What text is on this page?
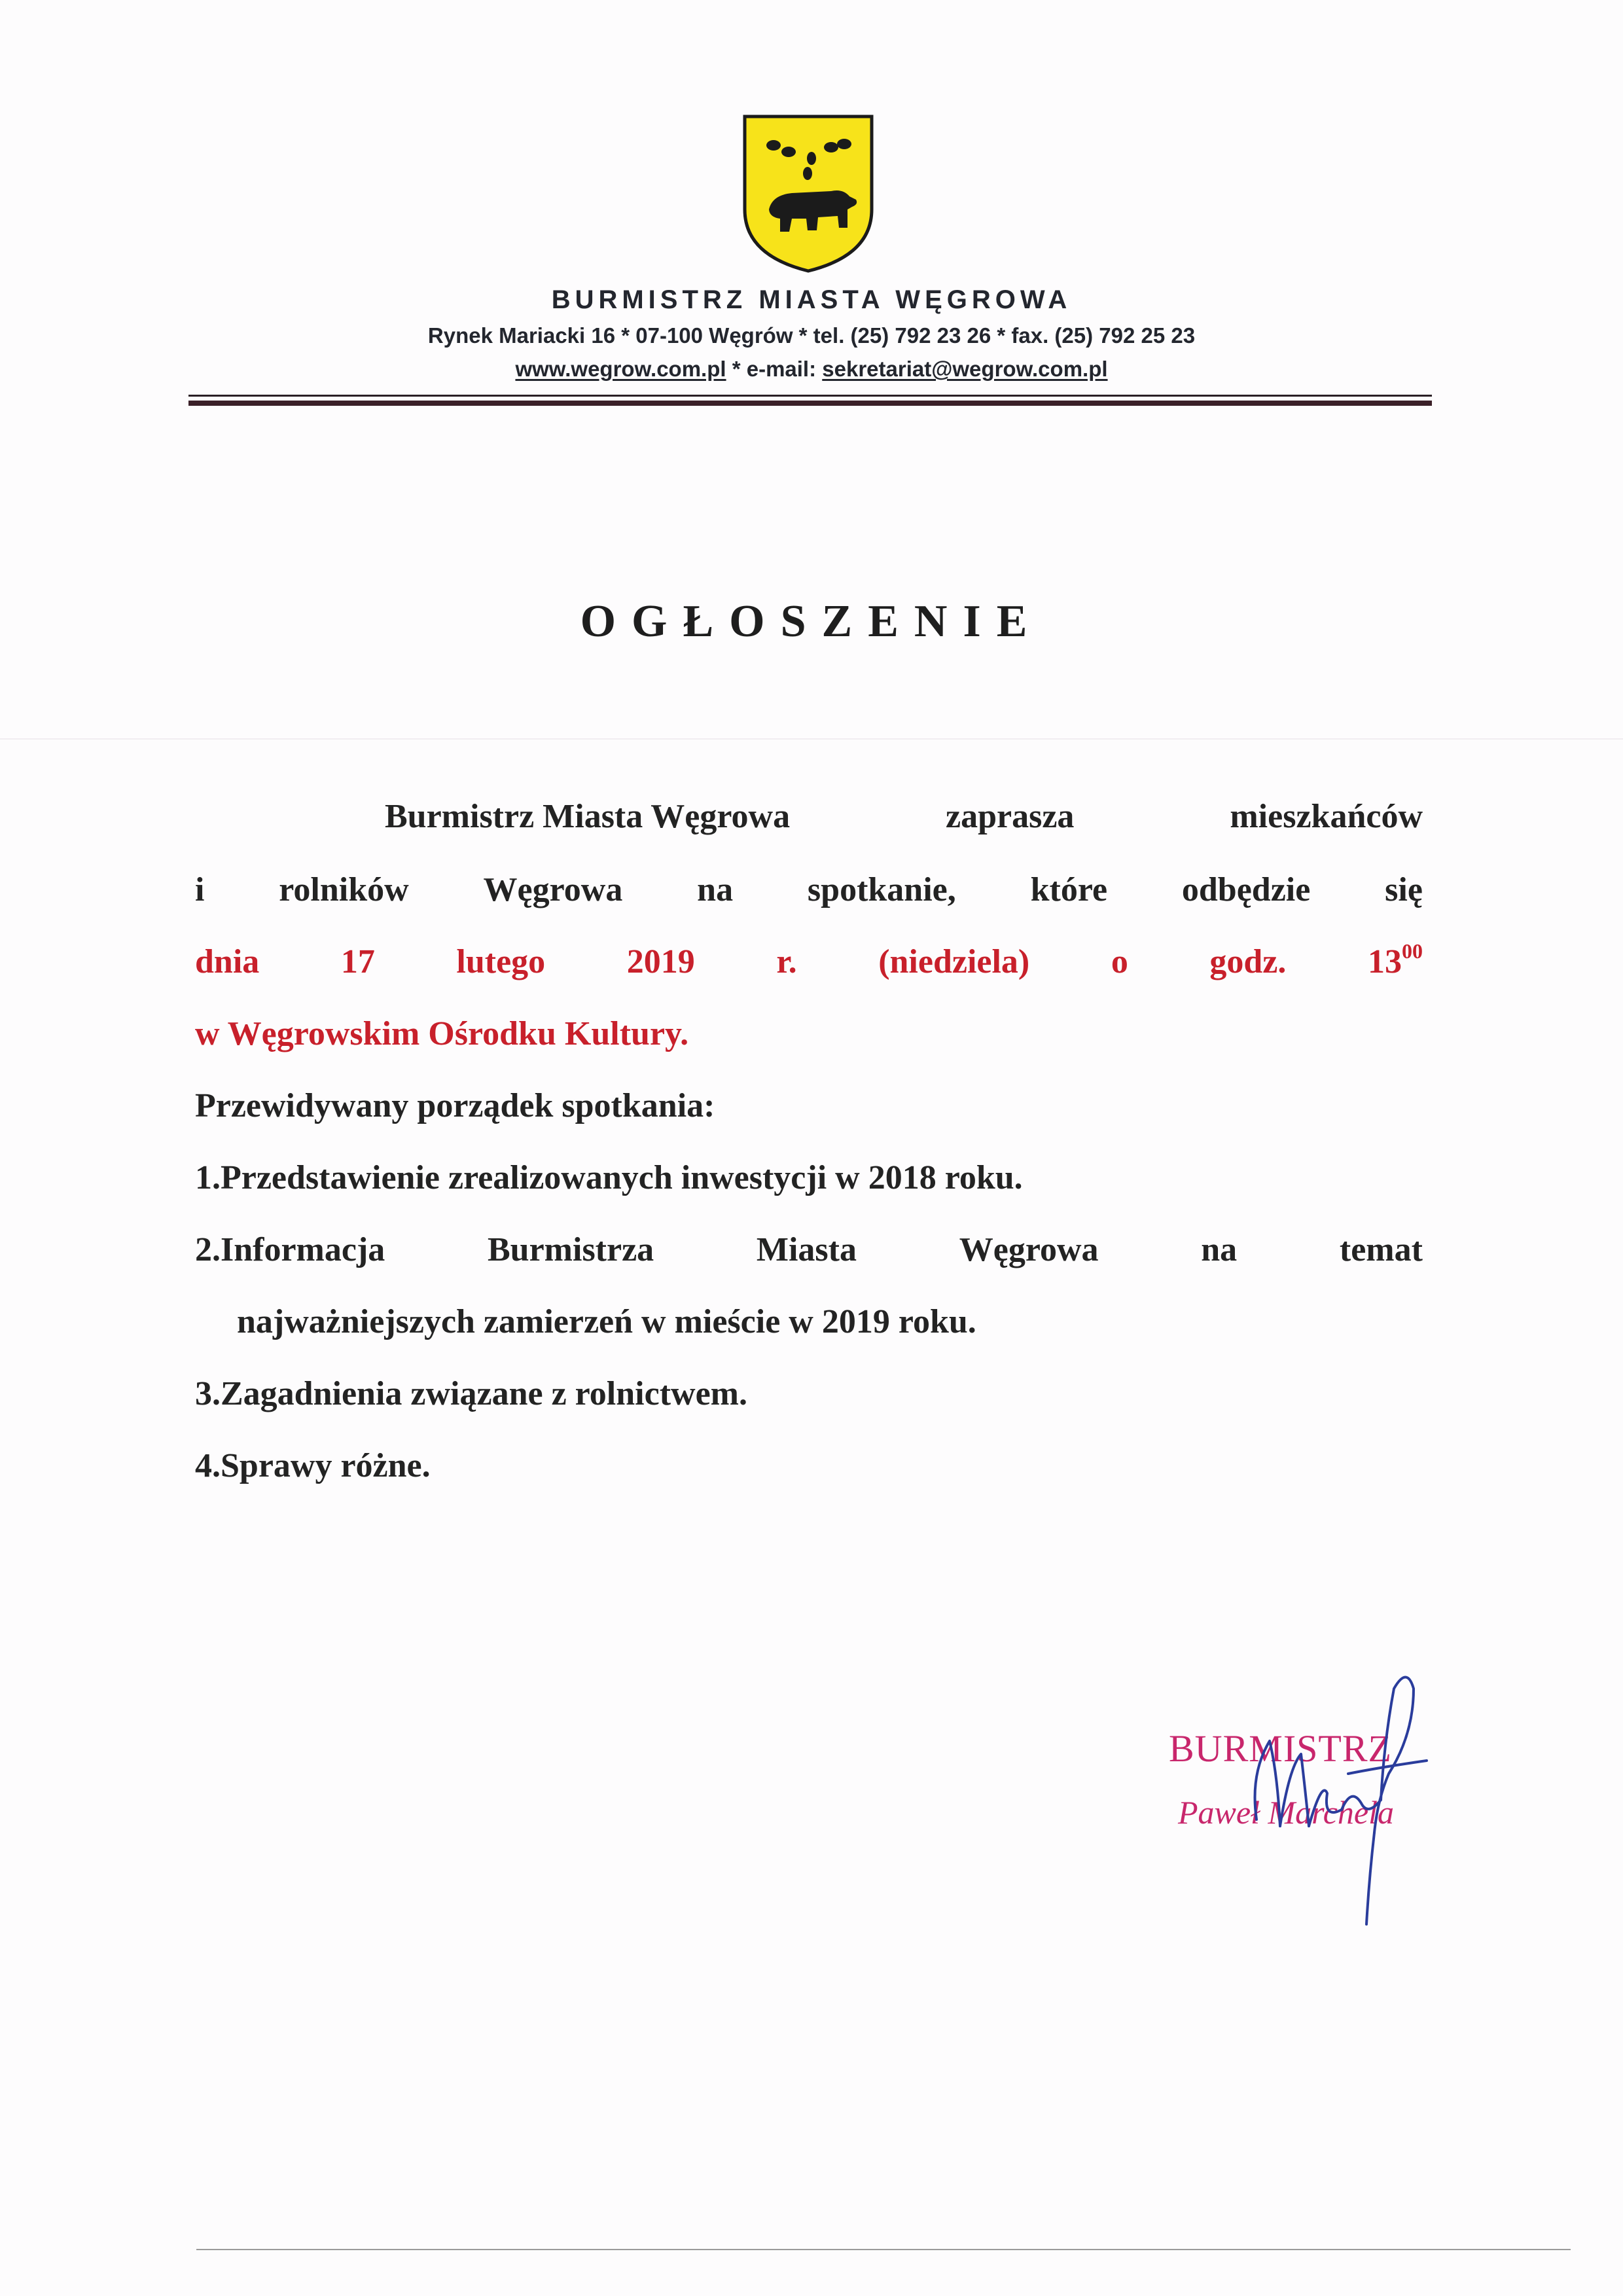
BURMISTRZ MIASTA WĘGROWA
Rynek Mariacki 16 * 07-100 Węgrów * tel. (25) 792 23 26 * fax. (25) 792 25 23
www.wegrow.com.pl * e-mail: sekretariat@wegrow.com.pl
OGŁOSZENIE
Burmistrz Miasta Węgrowa	zaprasza	mieszkańców
i rolników Węgrowa na spotkanie, które odbędzie się
dnia 17 lutego 2019 r. (niedziela) o godz. $13^{00}$
w Węgrowskim Ośrodku Kultury.
Przewidywany porządek spotkania:
1.Przedstawienie zrealizowanych inwestycji w 2018 roku.
2.Informacja	Burmistrza	Miasta	Węgrowa	na	temat
najważniejszych zamierzeń w mieście w 2019 roku.
3.Zagadnienia związane z rolnictwem.
4.Sprawy różne.
BURMISTRZ
Paweł Marchela
